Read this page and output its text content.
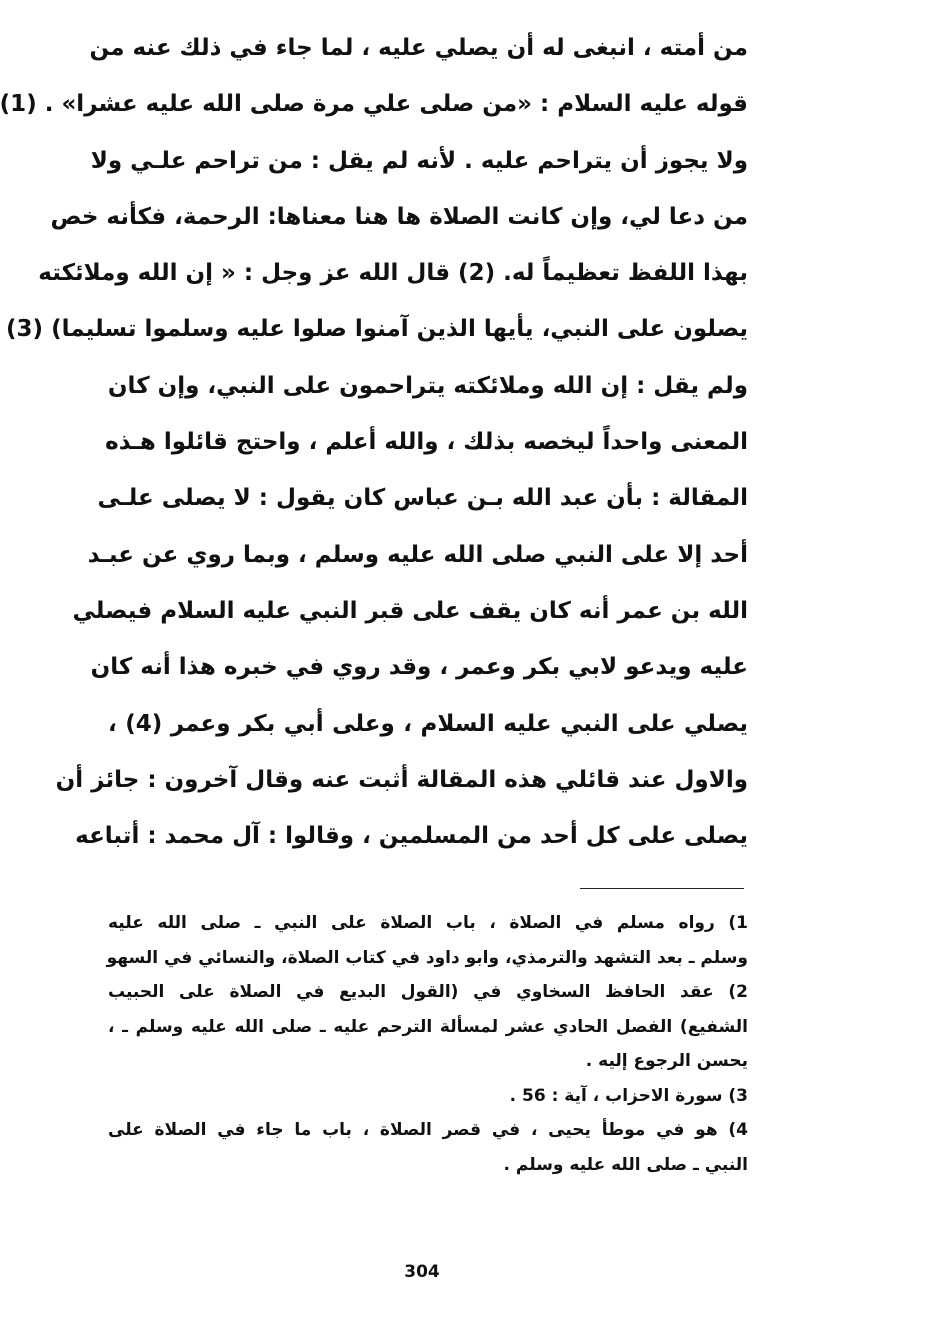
من أمته ، انبغى له أن يصلي عليه ، لما جاء في ذلك عنه من
قوله عليه السلام : «من صلى علي مرة صلى الله عليه عشرا» . (1)
ولا يجوز أن يتراحم عليه . لأنه لم يقل : من تراحم علـي ولا
من دعا لي، وإن كانت الصلاة ها هنا معناها: الرحمة، فكأنه خص
بهذا اللفظ تعظيماً له. (2) قال الله عز وجل : « إن الله وملائكته
يصلون على النبي، يأيها الذين آمنوا صلوا عليه وسلموا تسليما) (3)
ولم يقل : إن الله وملائكته يتراحمون على النبي، وإن كان
المعنى واحداً ليخصه بذلك ، والله أعلم ، واحتج قائلوا هـذه
المقالة : بأن عبد الله بـن عباس كان يقول : لا يصلى علـى
أحد إلا على النبي صلى الله عليه وسلم ، وبما روي عن عبـد
الله بن عمر أنه كان يقف على قبر النبي عليه السلام فيصلي
عليه ويدعو لابي بكر وعمر ، وقد روي في خبره هذا أنه كان
يصلي على النبي عليه السلام ، وعلى أبي بكر وعمر (4) ،
والاول عند قائلي هذه المقالة أثبت عنه وقال آخرون : جائز أن
يصلى على كل أحد من المسلمين ، وقالوا : آل محمد : أتباعه
1) رواه مسلم في الصلاة ، باب الصلاة على النبي ـ صلى الله عليه
وسلم ـ بعد التشهد والترمذي، وابو داود في كتاب الصلاة، والنسائي في السهو
2) عقد الحافظ السخاوي في (القول البديع في الصلاة على الحبيب
الشفيع) الفصل الحادي عشر لمسألة الترحم عليه ـ صلى الله عليه وسلم ـ ،
يحسن الرجوع إليه .
3) سورة الاحزاب ، آية : 56 .
4) هو في موطأ يحيى ، في قصر الصلاة ، باب ما جاء في الصلاة على
النبي ـ صلى الله عليه وسلم .
304
